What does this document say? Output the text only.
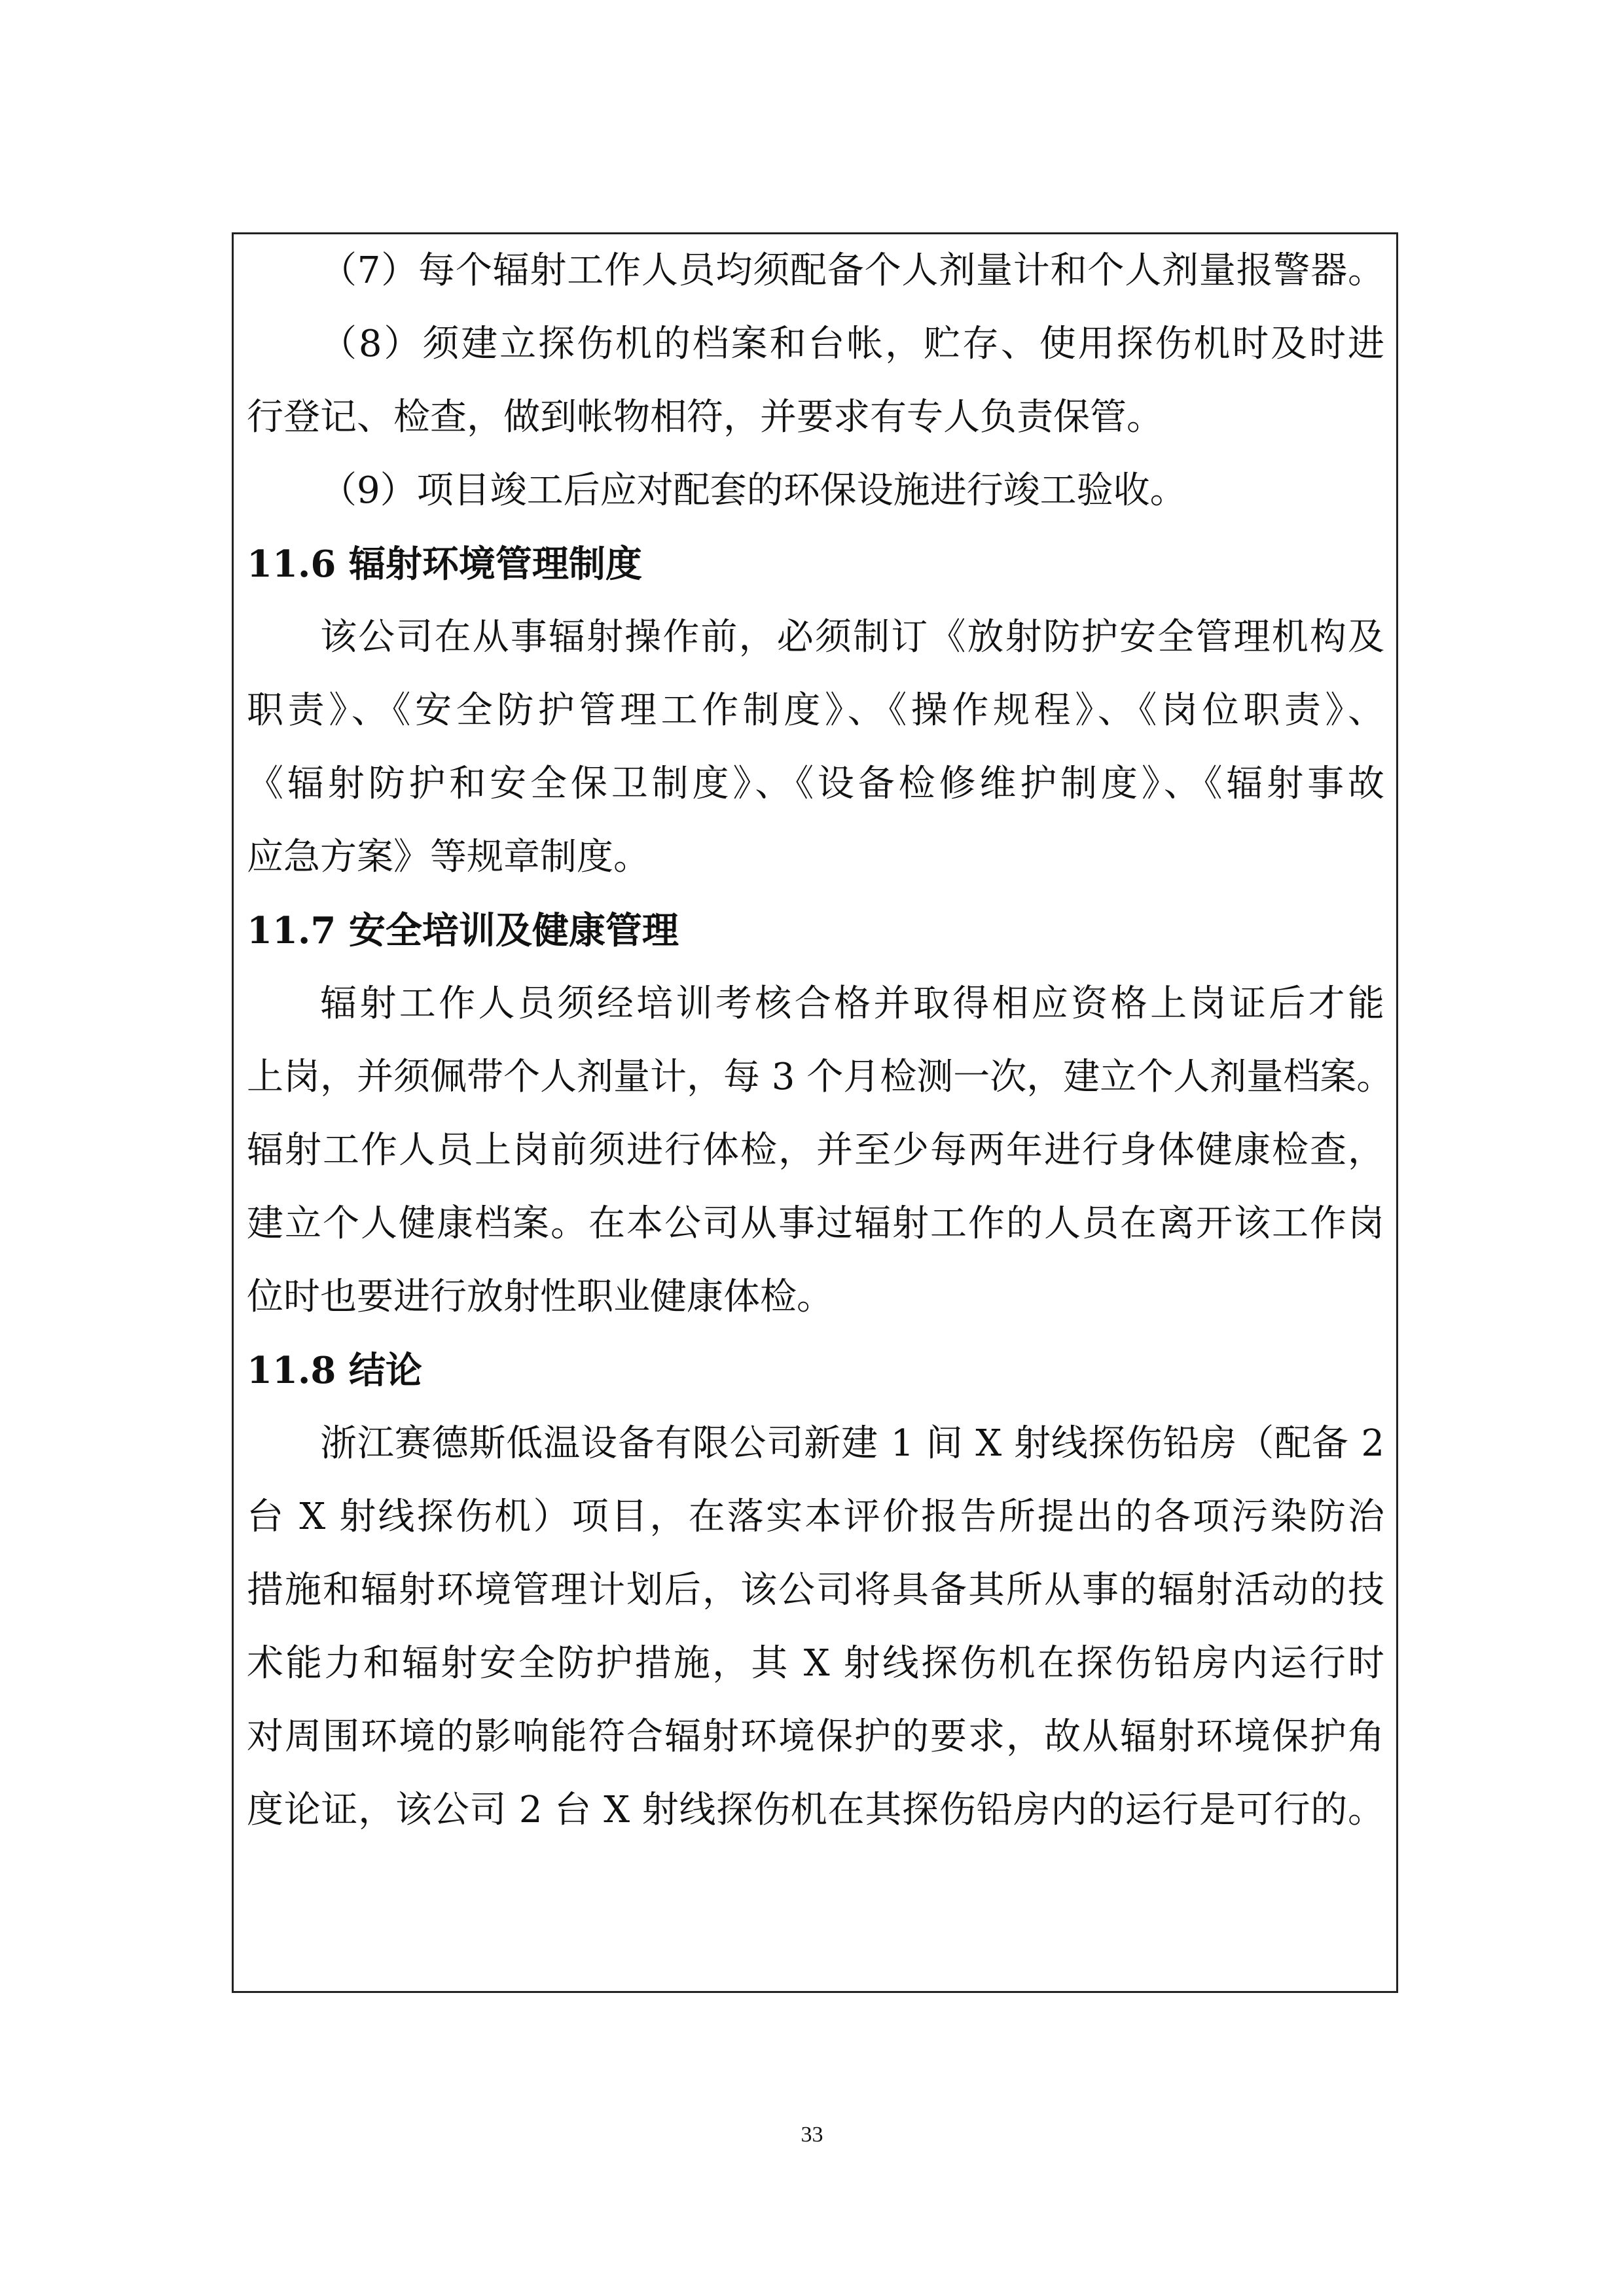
（7）每个辐射工作人员均须配备个人剂量计和个人剂量报警器。
（8）须建立探伤机的档案和台帐，贮存、使用探伤机时及时进
行登记、检查，做到帐物相符，并要求有专人负责保管。
（9）项目竣工后应对配套的环保设施进行竣工验收。
11.6 辐射环境管理制度
该公司在从事辐射操作前，必须制订《放射防护安全管理机构及
职责》、《安全防护管理工作制度》、《操作规程》、《岗位职责》、
《辐射防护和安全保卫制度》、《设备检修维护制度》、《辐射事故
应急方案》等规章制度。
11.7 安全培训及健康管理
辐射工作人员须经培训考核合格并取得相应资格上岗证后才能
上岗，并须佩带个人剂量计，每 3 个月检测一次，建立个人剂量档案。
辐射工作人员上岗前须进行体检，并至少每两年进行身体健康检查，
建立个人健康档案。在本公司从事过辐射工作的人员在离开该工作岗
位时也要进行放射性职业健康体检。
11.8 结论
浙江赛德斯低温设备有限公司新建 1 间 X 射线探伤铅房（配备 2
台 X 射线探伤机）项目，在落实本评价报告所提出的各项污染防治
措施和辐射环境管理计划后，该公司将具备其所从事的辐射活动的技
术能力和辐射安全防护措施，其 X 射线探伤机在探伤铅房内运行时
对周围环境的影响能符合辐射环境保护的要求，故从辐射环境保护角
度论证，该公司 2 台 X 射线探伤机在其探伤铅房内的运行是可行的。
33
